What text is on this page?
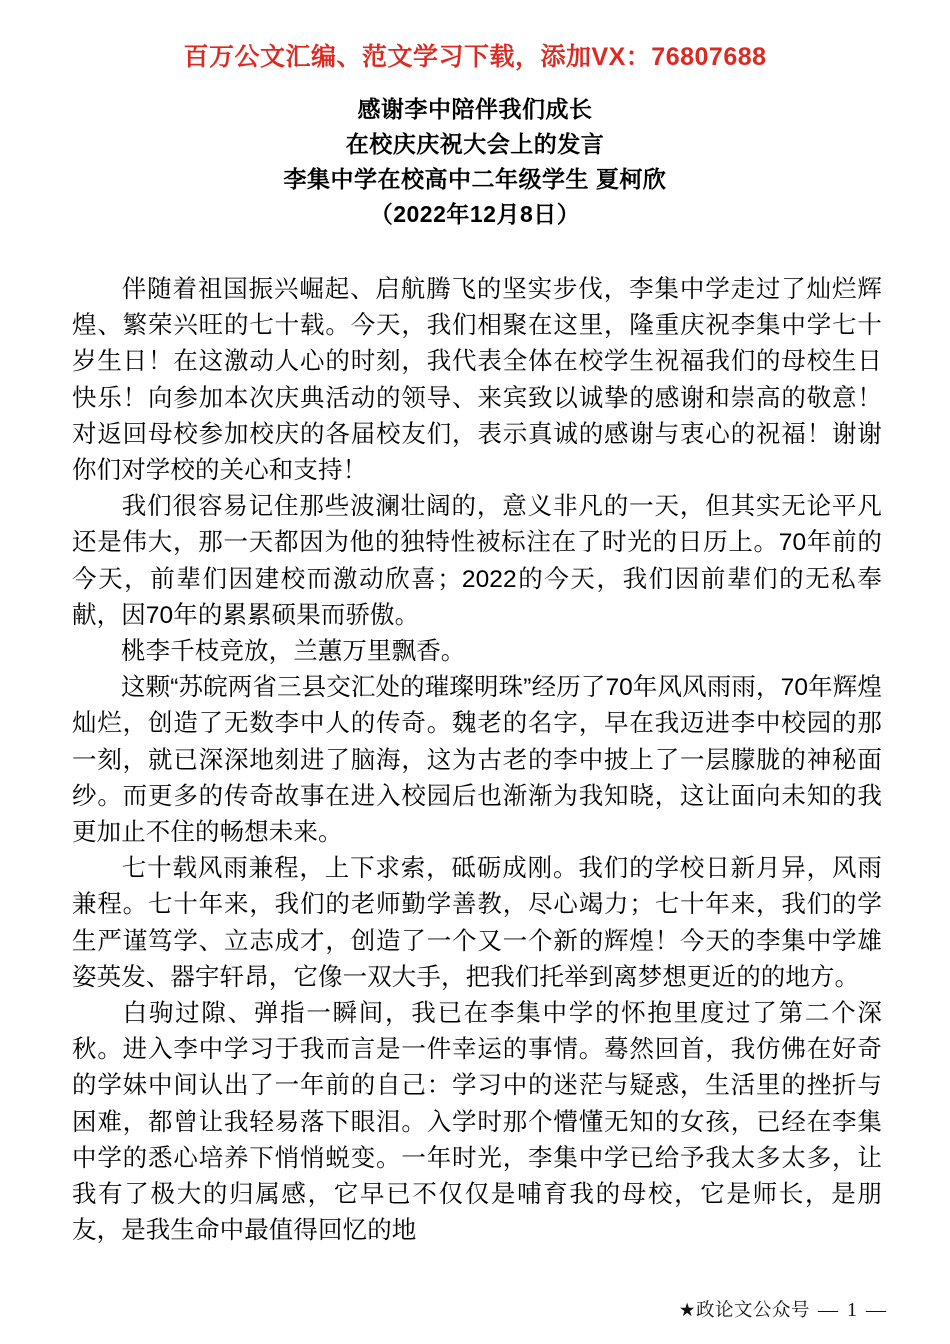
百万公文汇编、范文学习下载，添加VX：76807688
感谢李中陪伴我们成长
在校庆庆祝大会上的发言
李集中学在校高中二年级学生 夏柯欣
（2022年12月8日）

伴随着祖国振兴崛起、启航腾飞的坚实步伐，李集中学走过了灿烂辉煌、繁荣兴旺的七十载。今天，我们相聚在这里，隆重庆祝李集中学七十岁生日！在这激动人心的时刻，我代表全体在校学生祝福我们的母校生日快乐！向参加本次庆典活动的领导、来宾致以诚挚的感谢和崇高的敬意！对返回母校参加校庆的各届校友们，表示真诚的感谢与衷心的祝福！谢谢你们对学校的关心和支持！

我们很容易记住那些波澜壮阔的，意义非凡的一天，但其实无论平凡还是伟大，那一天都因为他的独特性被标注在了时光的日历上。70年前的今天，前辈们因建校而激动欣喜；2022的今天，我们因前辈们的无私奉献，因70年的累累硕果而骄傲。

桃李千枝竞放，兰蕙万里飘香。

这颗“苏皖两省三县交汇处的璀璨明珠”经历了70年风风雨雨，70年辉煌灿烂，创造了无数李中人的传奇。魏老的名字，早在我迈进李中校园的那一刻，就已深深地刻进了脑海，这为古老的李中披上了一层朦胧的神秘面纱。而更多的传奇故事在进入校园后也渐渐为我知晓，这让面向未知的我更加止不住的畅想未来。

七十载风雨兼程，上下求索，砥砺成刚。我们的学校日新月异，风雨兼程。七十年来，我们的老师勤学善教，尽心竭力；七十年来，我们的学生严谨笃学、立志成才，创造了一个又一个新的辉煌！今天的李集中学雄姿英发、器宇轩昂，它像一双大手，把我们托举到离梦想更近的的地方。

白驹过隙、弹指一瞬间，我已在李集中学的怀抱里度过了第二个深秋。进入李中学习于我而言是一件幸运的事情。蓦然回首，我仿佛在好奇的学妹中间认出了一年前的自己：学习中的迷茫与疑惑，生活里的挫折与困难，都曾让我轻易落下眼泪。入学时那个懵懂无知的女孩，已经在李集中学的悉心培养下悄悄蜕变。一年时光，李集中学已给予我太多太多，让我有了极大的归属感，它早已不仅仅是哺育我的母校，它是师长，是朋友，是我生命中最值得回忆的地

★政论文公众号 — 1 —
